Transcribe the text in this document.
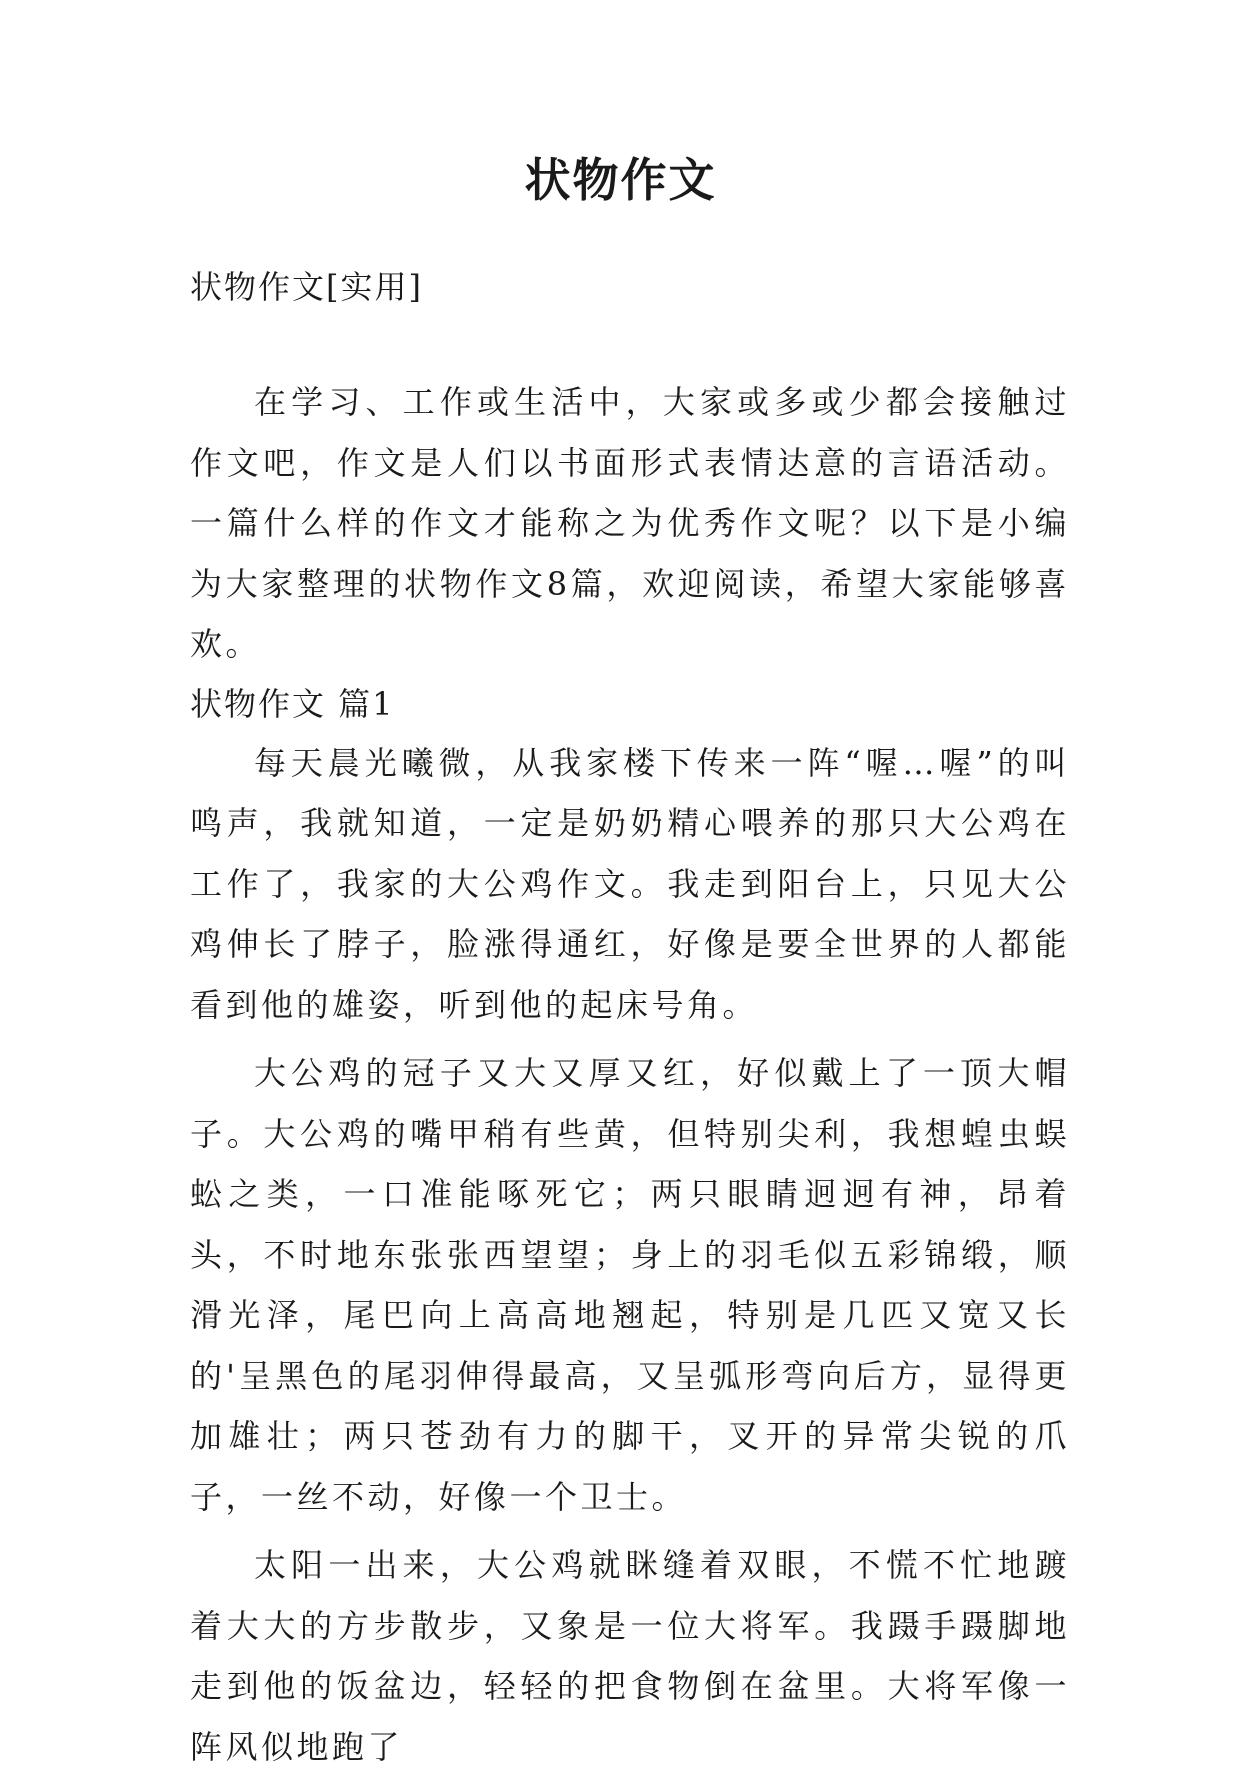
状物作文

状物作文[实用]

在学习、工作或生活中，大家或多或少都会接触过作文吧，作文是人们以书面形式表情达意的言语活动。一篇什么样的作文才能称之为优秀作文呢？以下是小编为大家整理的状物作文8篇，欢迎阅读，希望大家能够喜欢。

状物作文 篇1

每天晨光曦微，从我家楼下传来一阵“喔…喔”的叫鸣声，我就知道，一定是奶奶精心喂养的那只大公鸡在工作了，我家的大公鸡作文。我走到阳台上，只见大公鸡伸长了脖子，脸涨得通红，好像是要全世界的人都能看到他的雄姿，听到他的起床号角。

大公鸡的冠子又大又厚又红，好似戴上了一顶大帽子。大公鸡的嘴甲稍有些黄，但特别尖利，我想蝗虫蜈蚣之类，一口准能啄死它；两只眼睛迥迥有神，昂着头，不时地东张张西望望；身上的羽毛似五彩锦缎，顺滑光泽，尾巴向上高高地翘起，特别是几匹又宽又长的'呈黑色的尾羽伸得最高，又呈弧形弯向后方，显得更加雄壮；两只苍劲有力的脚干，叉开的异常尖锐的爪子，一丝不动，好像一个卫士。

太阳一出来，大公鸡就眯缝着双眼，不慌不忙地踱着大大的方步散步，又象是一位大将军。我蹑手蹑脚地走到他的饭盆边，轻轻的把食物倒在盆里。大将军像一阵风似地跑了
